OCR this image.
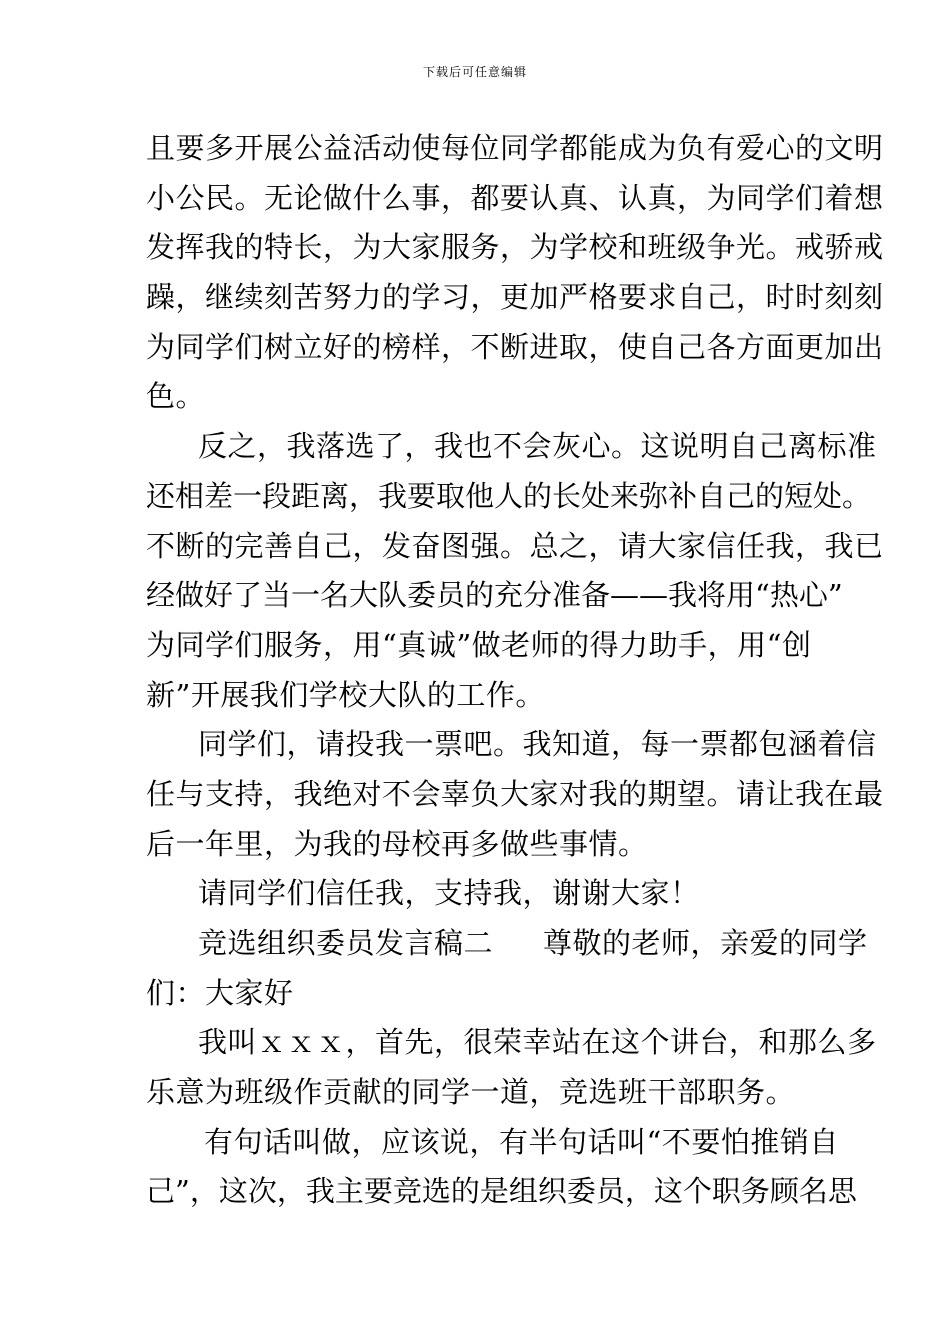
下载后可任意编辑
且要多开展公益活动使每位同学都能成为负有爱心的文明
小公民。无论做什么事，都要认真、认真，为同学们着想
发挥我的特长，为大家服务，为学校和班级争光。戒骄戒
躁，继续刻苦努力的学习，更加严格要求自己，时时刻刻
为同学们树立好的榜样，不断进取，使自己各方面更加出
色。
反之，我落选了，我也不会灰心。这说明自己离标准
还相差一段距离，我要取他人的长处来弥补自己的短处。
不断的完善自己，发奋图强。总之，请大家信任我，我已
经做好了当一名大队委员的充分准备——我将用“热心”
为同学们服务，用“真诚”做老师的得力助手，用“创
新”开展我们学校大队的工作。
同学们，请投我一票吧。我知道，每一票都包涵着信
任与支持，我绝对不会辜负大家对我的期望。请让我在最
后一年里，为我的母校再多做些事情。
请同学们信任我，支持我，谢谢大家！
竞选组织委员发言稿二 尊敬的老师，亲爱的同学
们：大家好
我叫ｘｘｘ，首先，很荣幸站在这个讲台，和那么多
乐意为班级作贡献的同学一道，竞选班干部职务。
有句话叫做，应该说，有半句话叫“不要怕推销自
己”，这次，我主要竞选的是组织委员，这个职务顾名思
